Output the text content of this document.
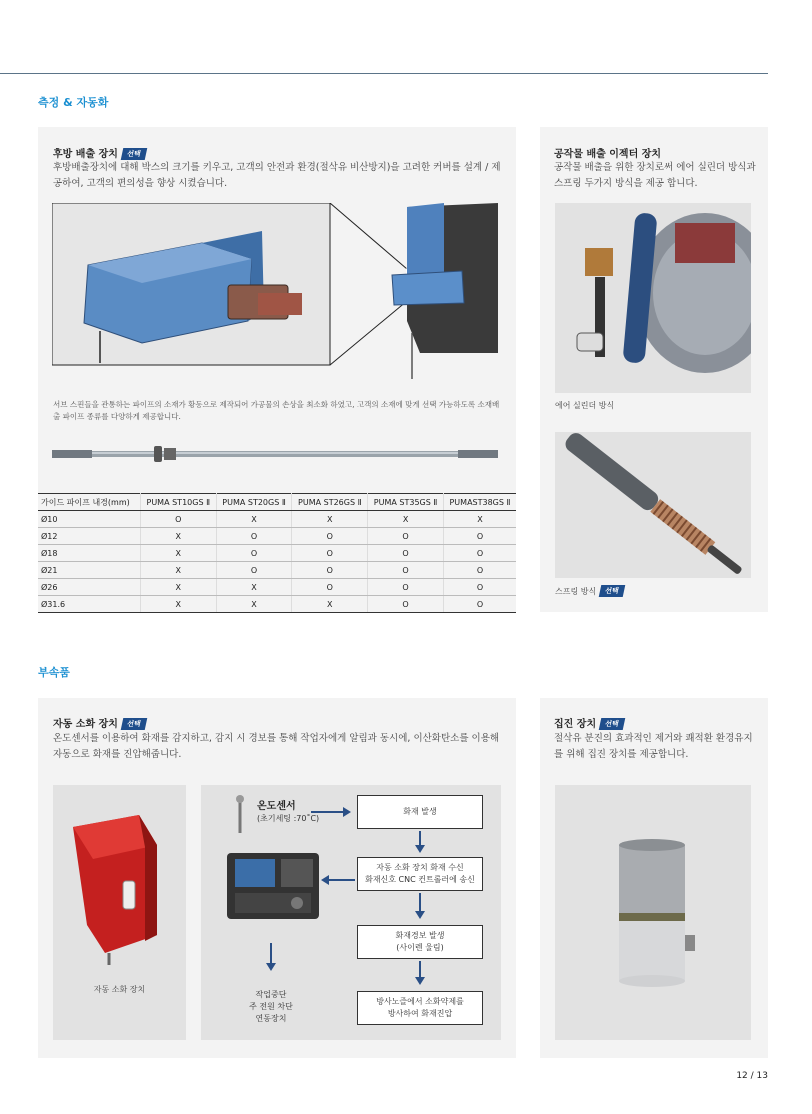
측정 & 자동화
후방 배출 장치 선택
후방배출장치에 대해 박스의 크기를 키우고, 고객의 안전과 환경(절삭유 비산방지)을 고려한 커버를 설계 / 제공하여, 고객의 편의성을 향상 시켰습니다.
서브 스핀들을 관통하는 파이프의 소재가 황동으로 제작되어 가공물의 손상을 최소화 하였고, 고객의 소재에 맞게 선택 가능하도록 소재배출 파이프 종류를 다양하게 제공합니다.
가이드 파이프 내경(mm)	PUMA ST10GS Ⅱ	PUMA ST20GS Ⅱ	PUMA ST26GS Ⅱ	PUMA ST35GS Ⅱ	PUMAST38GS Ⅱ
Ø10	O	X	X	X	X
Ø12	X	O	O	O	O
Ø18	X	O	O	O	O
Ø21	X	O	O	O	O
Ø26	X	X	O	O	O
Ø31.6	X	X	X	O	O
공작물 배출 이젝터 장치
공작물 배출을 위한 장치로써 에어 실린더 방식과 스프링 두가지 방식을 제공 합니다.
에어 실린더 방식
스프링 방식 선택
부속품
자동 소화 장치 선택
온도센서를 이용하여 화재를 감지하고, 감지 시 경보를 통해 작업자에게 알림과 동시에, 이산화탄소를 이용해 자동으로 화재를 진압해줍니다.
자동 소화 장치
온도센서
(초기세팅 :70˚C)
화재 발생
자동 소화 장치 화재 수신
화재신호 CNC 컨트롤러에 송신
화재경보 발생
(사이렌 울림)
방사노즐에서 소화약제를
방사하여 화재진압
작업중단
주 전원 차단
연동장치
집진 장치 선택
절삭유 분진의 효과적인 제거와 쾌적환 환경유지를 위해 집진 장치를 제공합니다.
12 / 13
